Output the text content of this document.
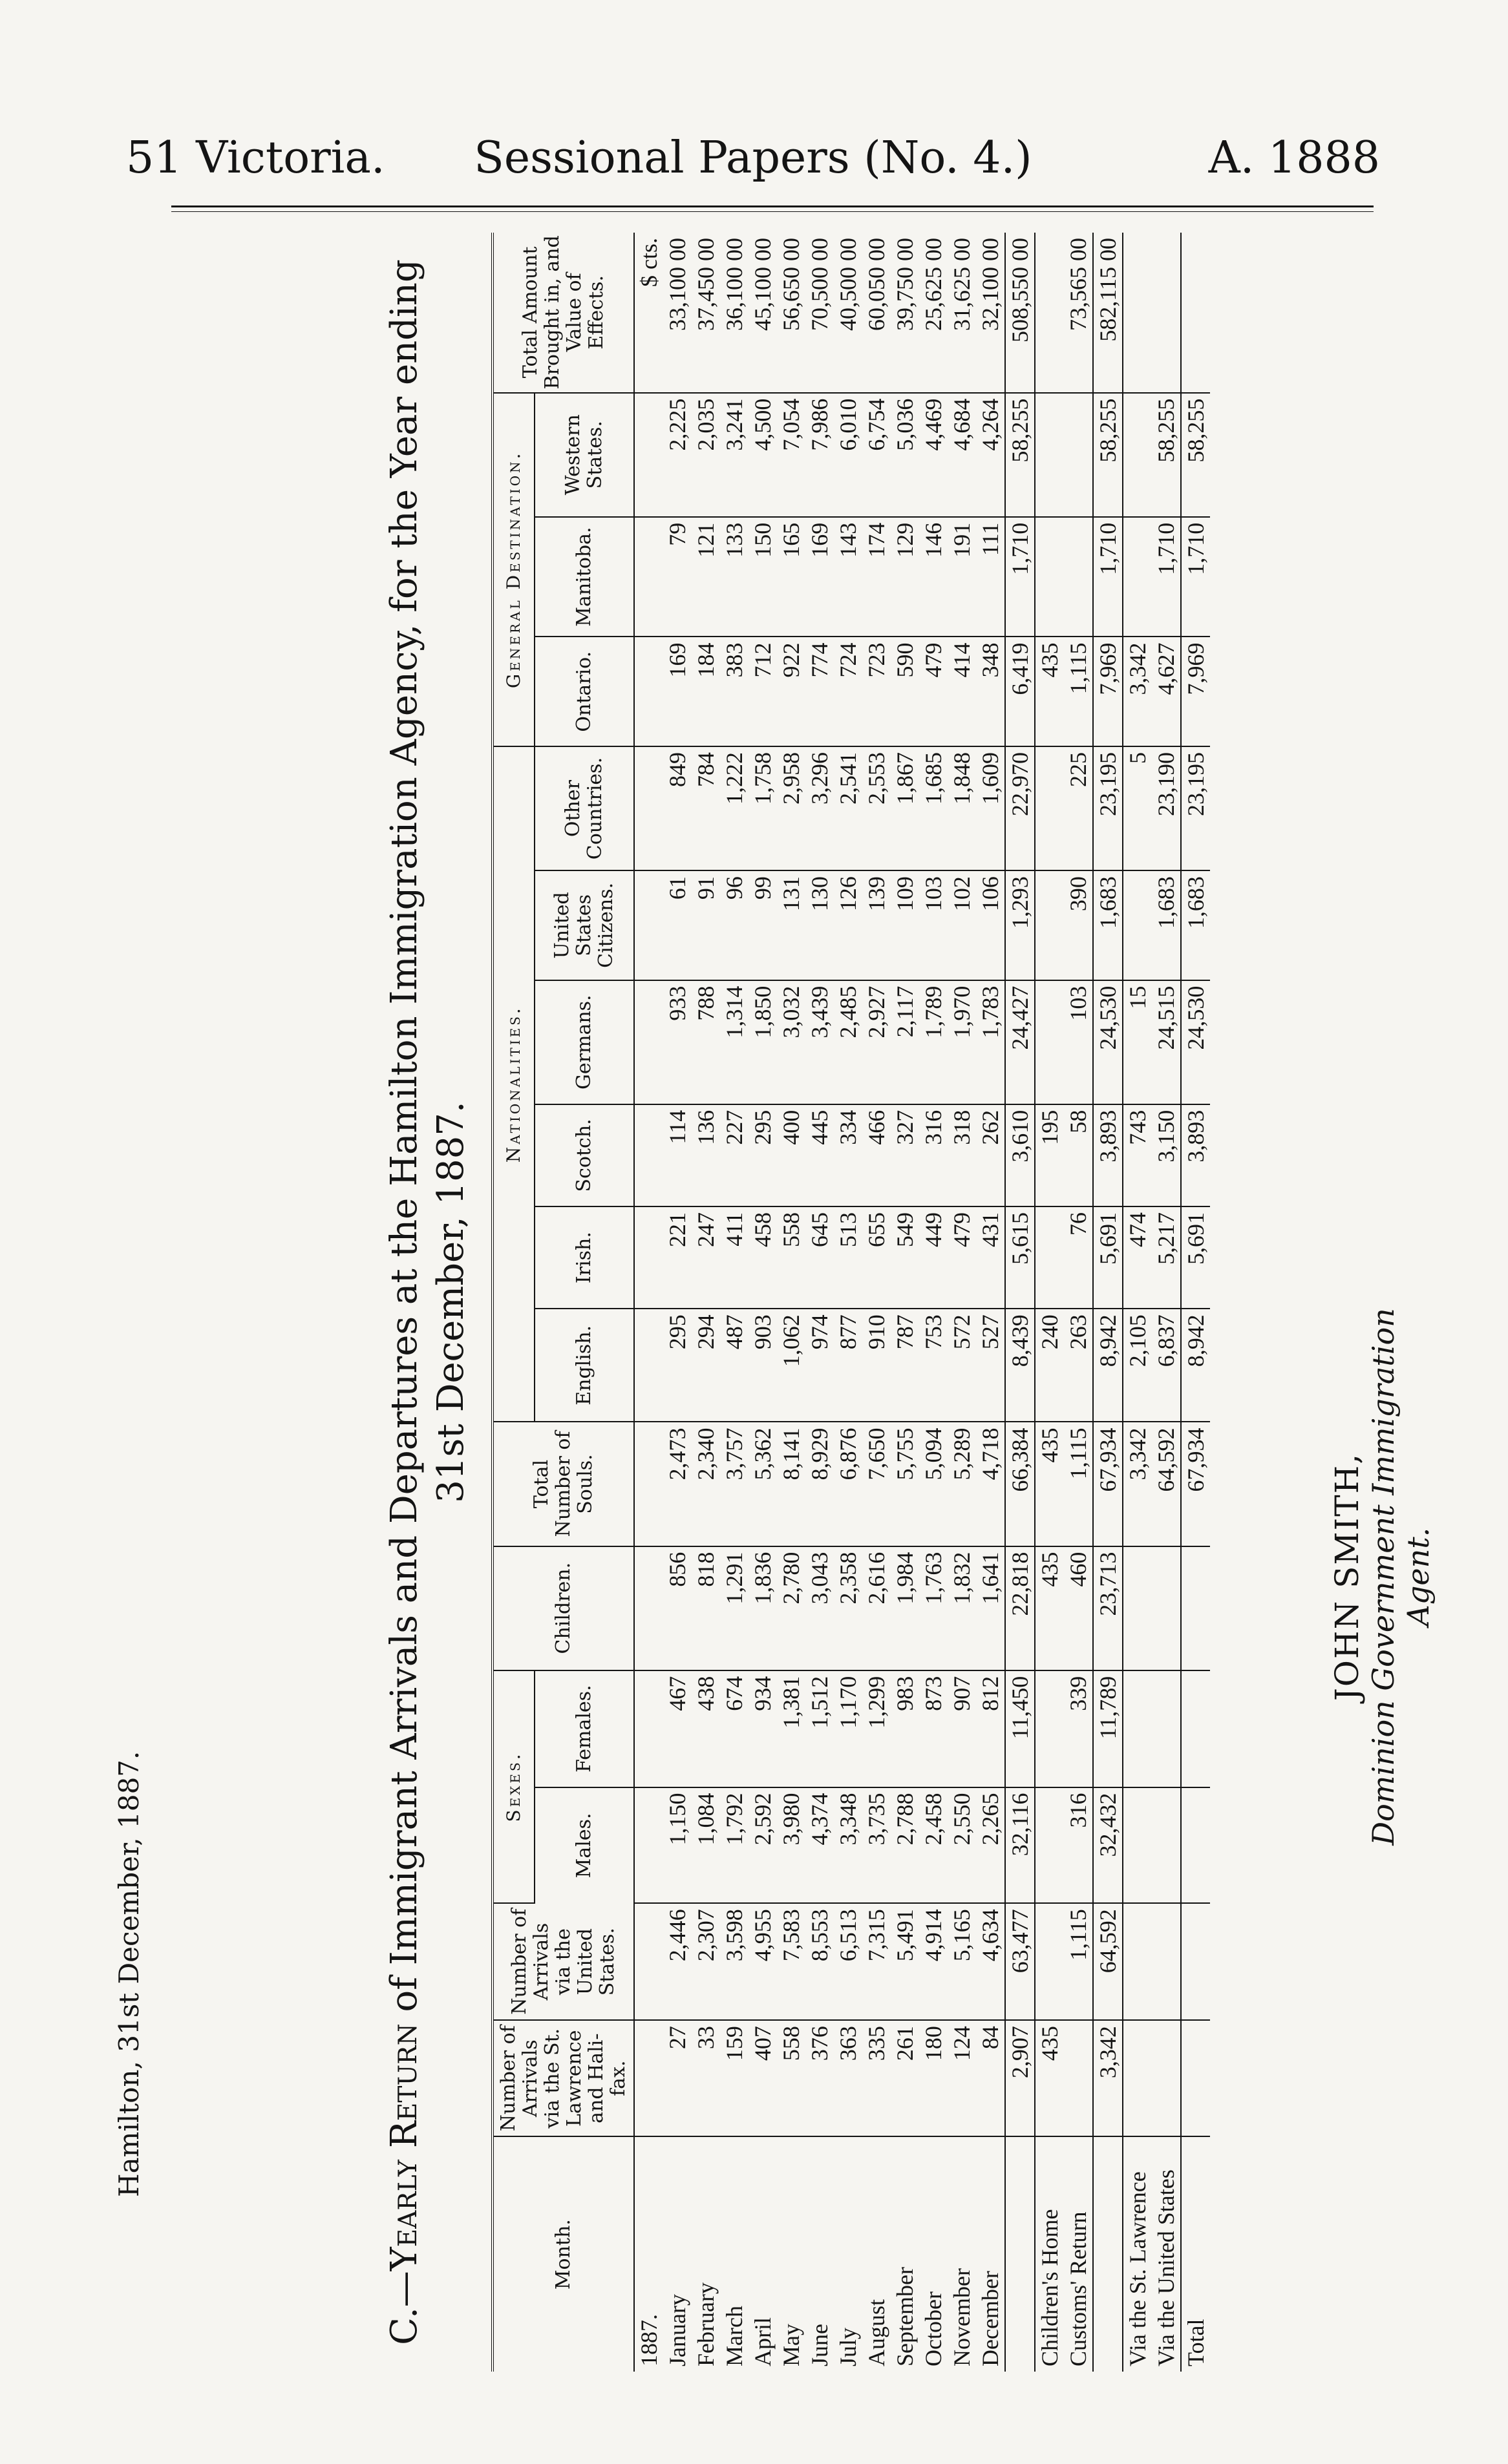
51 Victoria.	Sessional Papers (No. 4.)	A. 1888
C.—Yearly Return of Immigrant Arrivals and Departures at the Hamilton Immigration Agency, for the Year ending 31st December, 1887.
Month.	Number of Arrivals via the St. Lawrence and Hali-fax.	Number of Arrivals via the United States.	Sexes.		Children.	Total Number of Souls.	Nationalities.						General Destination.			Total Amount Brought in, and Value of Effects.
			Males.	Females.			English.	Irish.	Scotch.	Germans.	United States Citizens.	Other Countries.	Ontario.	Manitoba.	Western States.	
1887.																$ cts.
January	27	2,446	1,150	467	856	2,473	295	221	114	933	61	849	169	79	2,225	33,100 00
February	33	2,307	1,084	438	818	2,340	294	247	136	788	91	784	184	121	2,035	37,450 00
March	159	3,598	1,792	674	1,291	3,757	487	411	227	1,314	96	1,222	383	133	3,241	36,100 00
April	407	4,955	2,592	934	1,836	5,362	903	458	295	1,850	99	1,758	712	150	4,500	45,100 00
May	558	7,583	3,980	1,381	2,780	8,141	1,062	558	400	3,032	131	2,958	922	165	7,054	56,650 00
June	376	8,553	4,374	1,512	3,043	8,929	974	645	445	3,439	130	3,296	774	169	7,986	70,500 00
July	363	6,513	3,348	1,170	2,358	6,876	877	513	334	2,485	126	2,541	724	143	6,010	40,500 00
August	335	7,315	3,735	1,299	2,616	7,650	910	655	466	2,927	139	2,553	723	174	6,754	60,050 00
September	261	5,491	2,788	983	1,984	5,755	787	549	327	2,117	109	1,867	590	129	5,036	39,750 00
October	180	4,914	2,458	873	1,763	5,094	753	449	316	1,789	103	1,685	479	146	4,469	25,625 00
November	124	5,165	2,550	907	1,832	5,289	572	479	318	1,970	102	1,848	414	191	4,684	31,625 00
December	84	4,634	2,265	812	1,641	4,718	527	431	262	1,783	106	1,609	348	111	4,264	32,100 00
	2,907	63,477	32,116	11,450	22,818	66,384	8,439	5,615	3,610	24,427	1,293	22,970	6,419	1,710	58,255	508,550 00
Children's Home	435				435	435	240		195				435			
Customs' Return		1,115	316	339	460	1,115	263	76	58	103	390	225	1,115			73,565 00
	3,342	64,592	32,432	11,789	23,713	67,934	8,942	5,691	3,893	24,530	1,683	23,195	7,969	1,710	58,255	582,115 00
Via the St. Lawrence						3,342	2,105	474	743	15		5	3,342			
Via the United States						64,592	6,837	5,217	3,150	24,515	1,683	23,190	4,627	1,710	58,255	
Total						67,934	8,942	5,691	3,893	24,530	1,683	23,195	7,969	1,710	58,255	
Hamilton, 31st December, 1887.
JOHN SMITH, Dominion Government Immigration Agent.
